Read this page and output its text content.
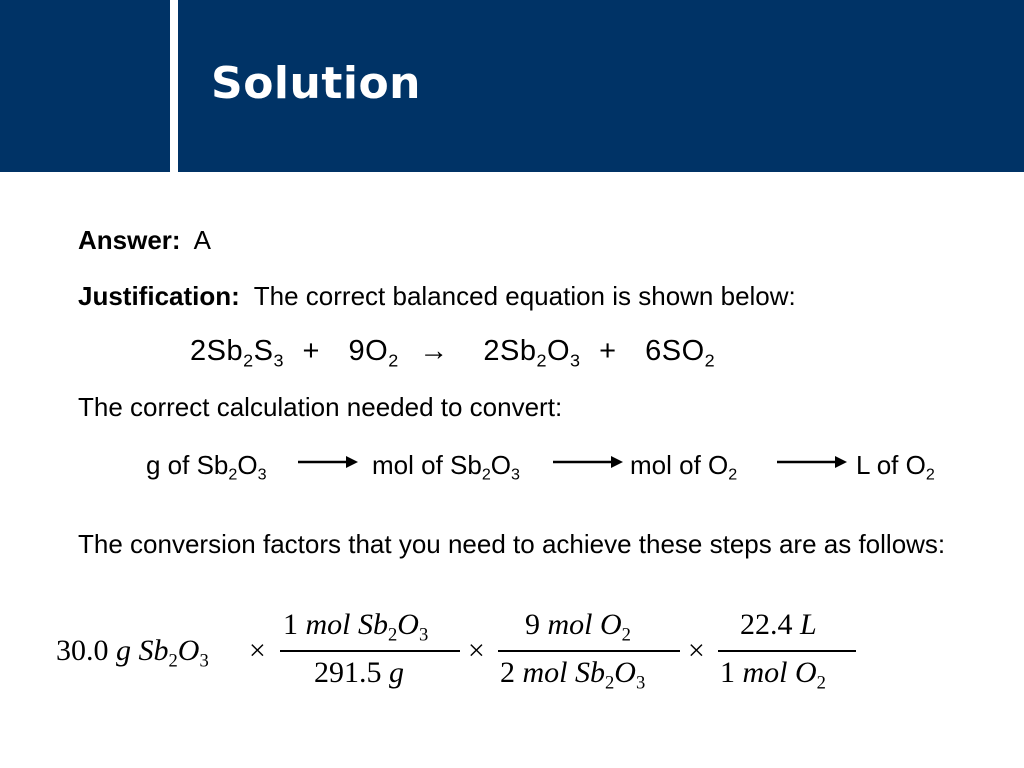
Solution
Answer: A
Justification: The correct balanced equation is shown below:
$2Sb_2S_3 + 9O_2 \to 2Sb_2O_3 + 6SO_2$
The correct calculation needed to convert:
g of $Sb_2O_3$	mol of $Sb_2O_3$	mol of $O_2$	L of $O_2$
The conversion factors that you need to achieve these steps are as follows:
30.0 g $Sb_2O_3$ ×
1 mol $Sb_2O_3$
291.5 g
×
9 mol $O_2$
2 mol $Sb_2O_3$
×
22.4 L
1 mol $O_2$
